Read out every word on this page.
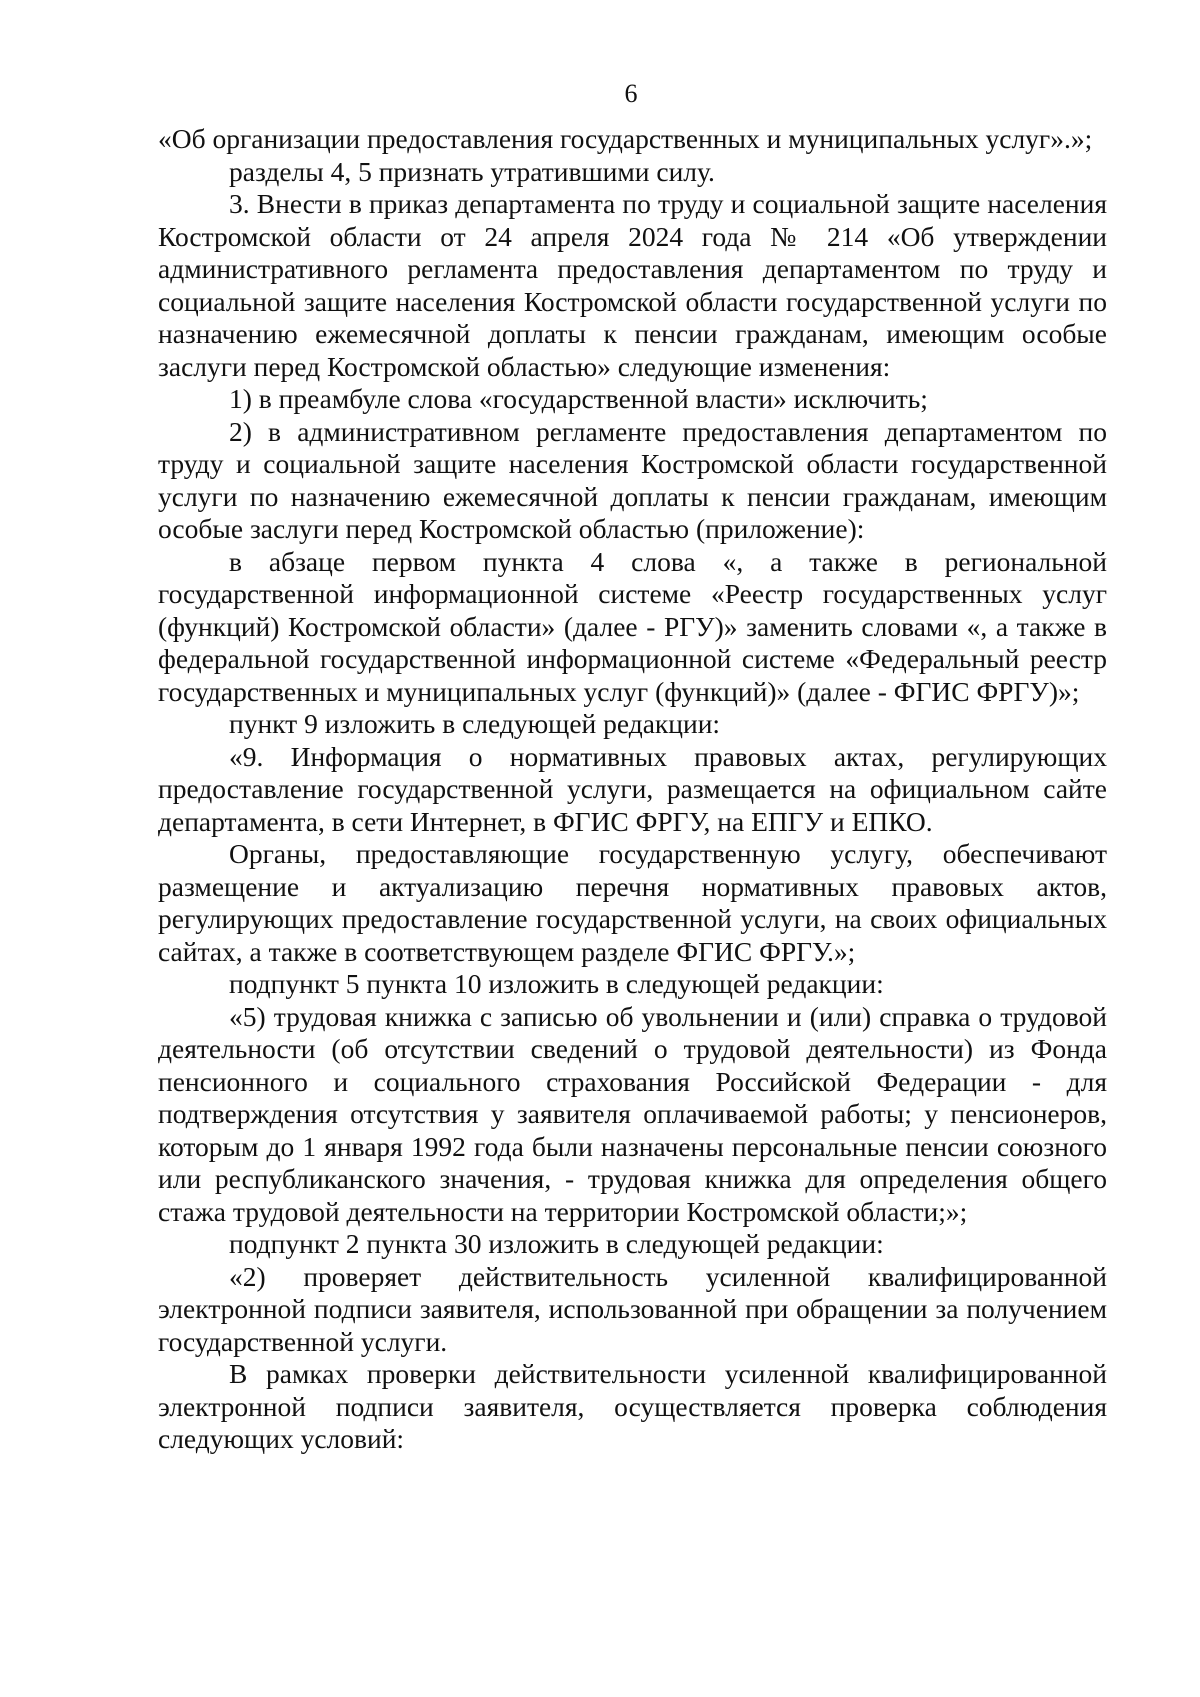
6

«Об организации предоставления государственных и муниципальных услуг».»;

разделы 4, 5 признать утратившими силу.

3. Внести в приказ департамента по труду и социальной защите населения Костромской области от 24 апреля 2024 года № 214 «Об утверждении административного регламента предоставления департаментом по труду и социальной защите населения Костромской области государственной услуги по назначению ежемесячной доплаты к пенсии гражданам, имеющим особые заслуги перед Костромской областью» следующие изменения:

1) в преамбуле слова «государственной власти» исключить;

2) в административном регламенте предоставления департаментом по труду и социальной защите населения Костромской области государственной услуги по назначению ежемесячной доплаты к пенсии гражданам, имеющим особые заслуги перед Костромской областью (приложение):

в абзаце первом пункта 4 слова «, а также в региональной государственной информационной системе «Реестр государственных услуг (функций) Костромской области» (далее - РГУ)» заменить словами «, а также в федеральной государственной информационной системе «Федеральный реестр государственных и муниципальных услуг (функций)» (далее - ФГИС ФРГУ)»;

пункт 9 изложить в следующей редакции:

«9. Информация о нормативных правовых актах, регулирующих предоставление государственной услуги, размещается на официальном сайте департамента, в сети Интернет, в ФГИС ФРГУ, на ЕПГУ и ЕПКО.

Органы, предоставляющие государственную услугу, обеспечивают размещение и актуализацию перечня нормативных правовых актов, регулирующих предоставление государственной услуги, на своих официальных сайтах, а также в соответствующем разделе ФГИС ФРГУ.»;

подпункт 5 пункта 10 изложить в следующей редакции:

«5) трудовая книжка с записью об увольнении и (или) справка о трудовой деятельности (об отсутствии сведений о трудовой деятельности) из Фонда пенсионного и социального страхования Российской Федерации - для подтверждения отсутствия у заявителя оплачиваемой работы; у пенсионеров, которым до 1 января 1992 года были назначены персональные пенсии союзного или республиканского значения, - трудовая книжка для определения общего стажа трудовой деятельности на территории Костромской области;»;

подпункт 2 пункта 30 изложить в следующей редакции:

«2) проверяет действительность усиленной квалифицированной электронной подписи заявителя, использованной при обращении за получением государственной услуги.

В рамках проверки действительности усиленной квалифицированной электронной подписи заявителя, осуществляется проверка соблюдения следующих условий:
